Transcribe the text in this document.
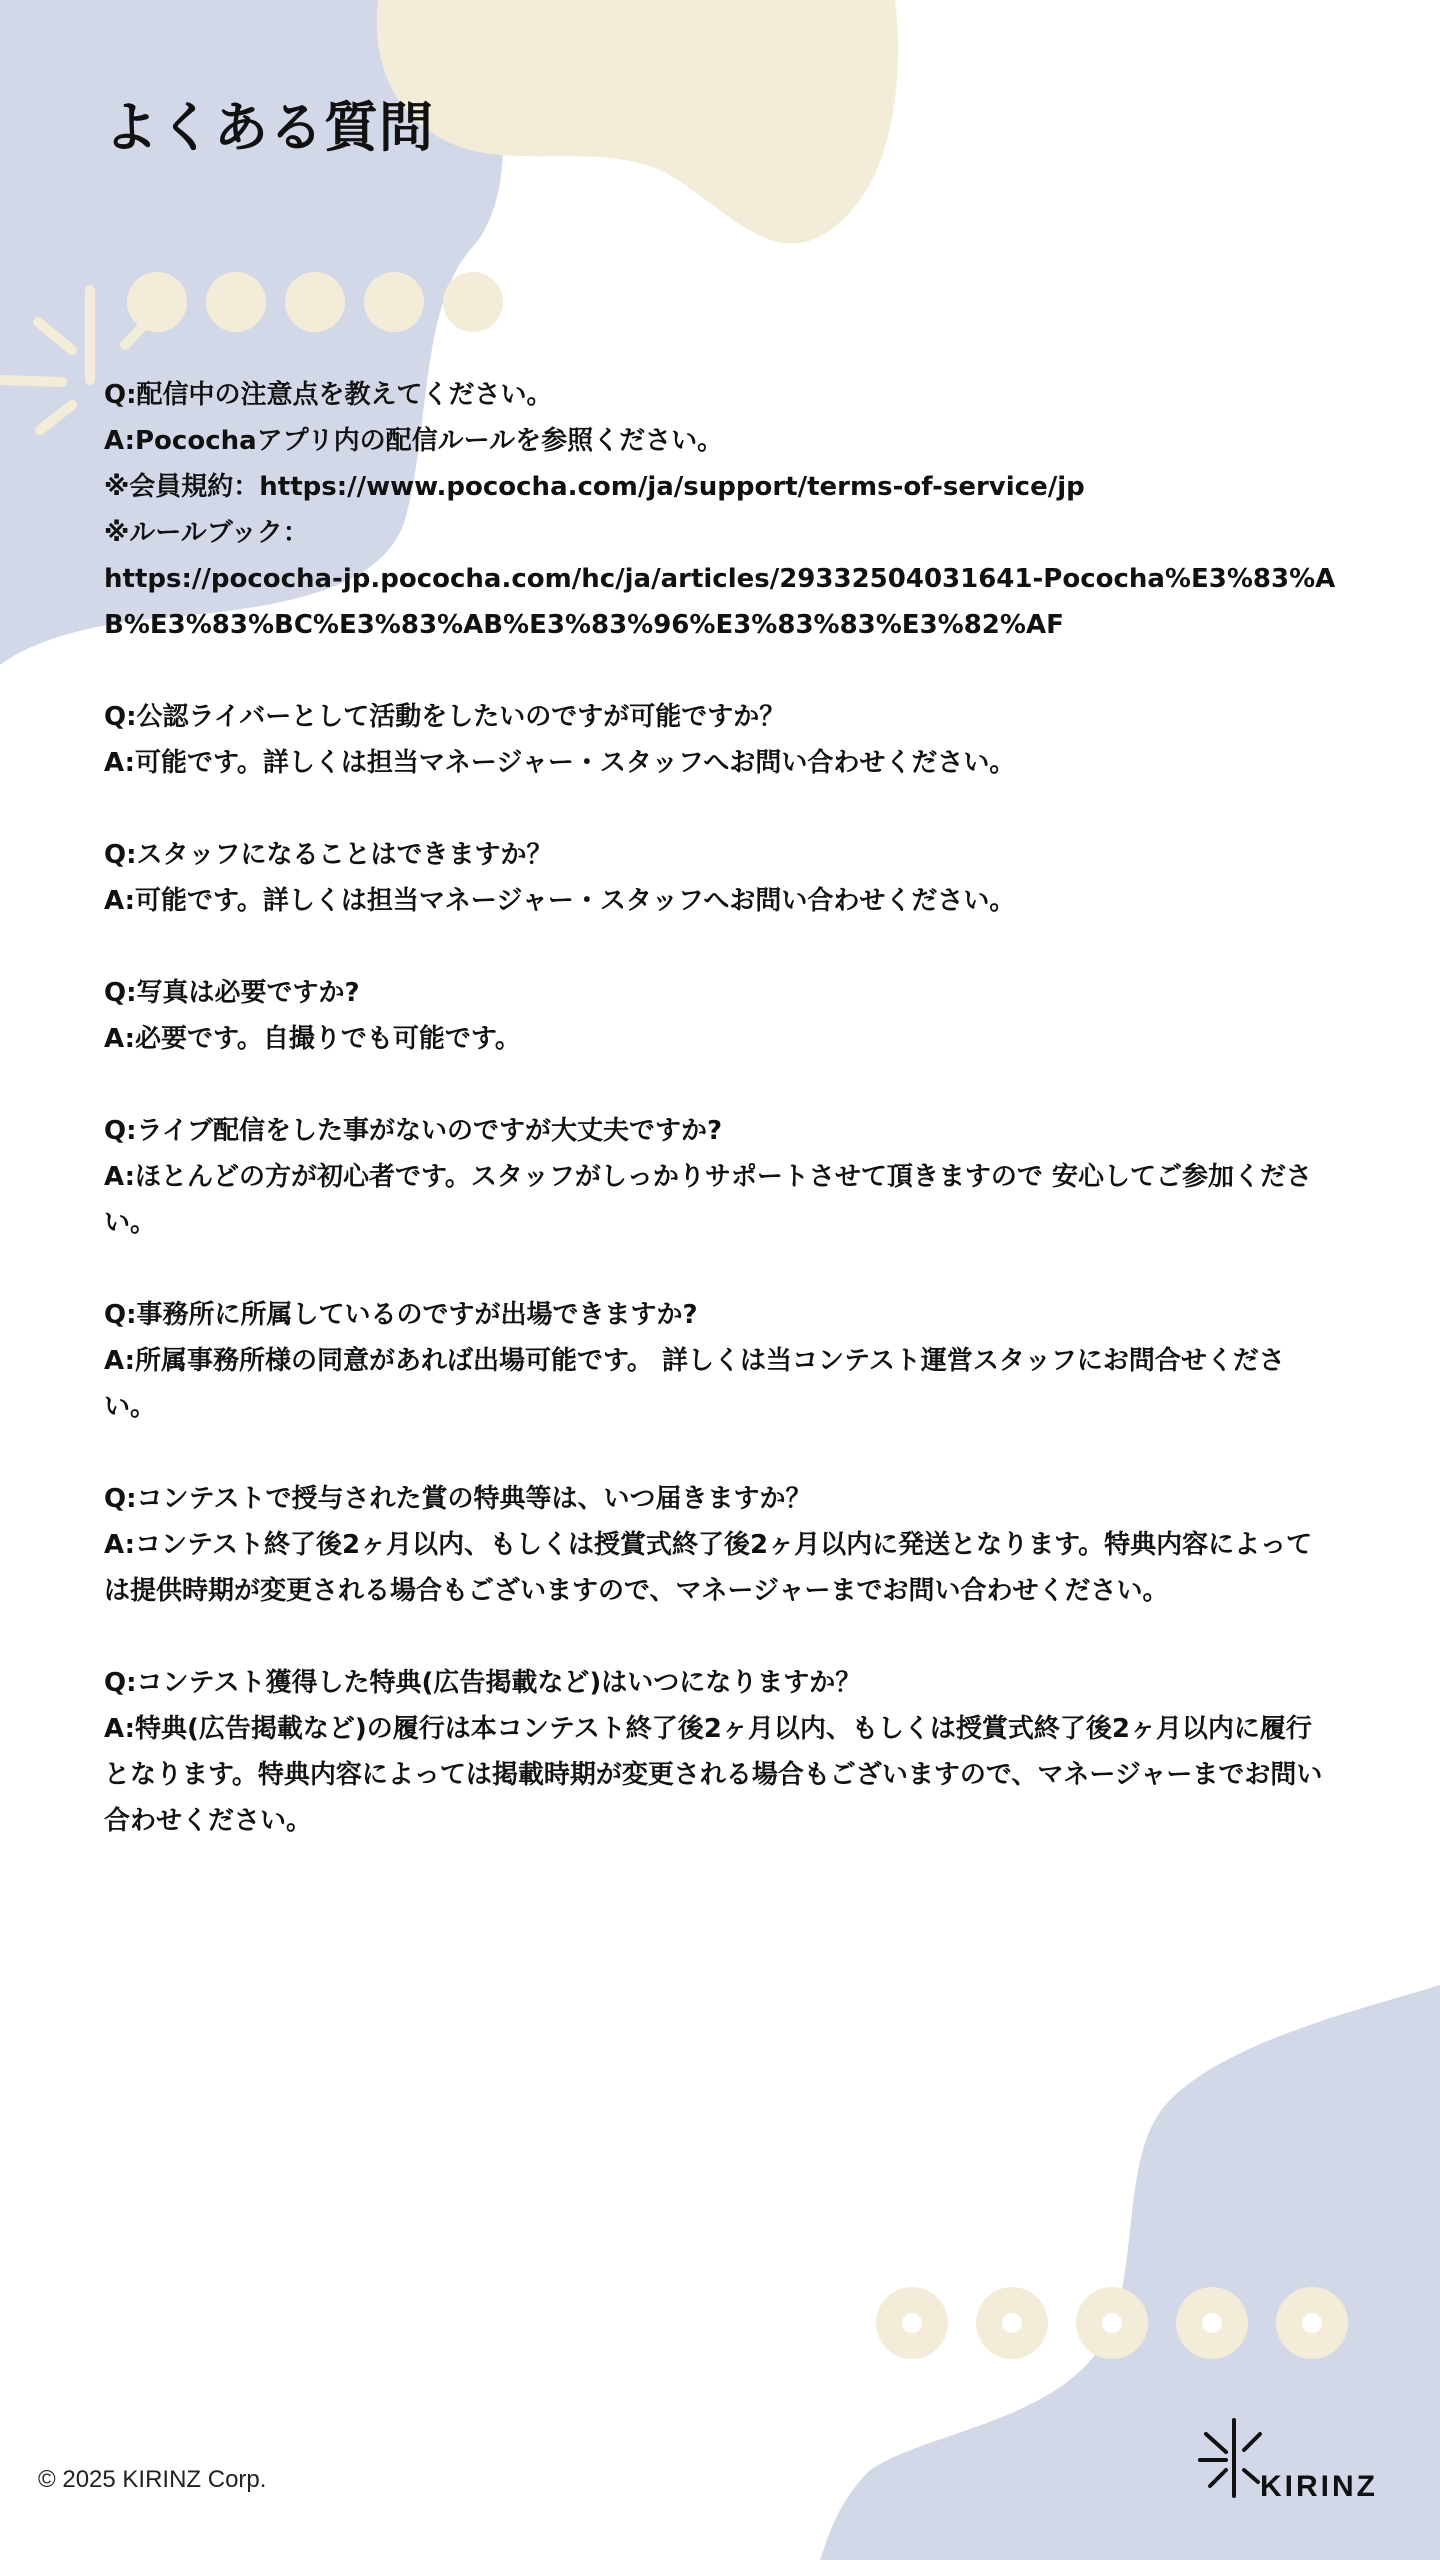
よくある質問
Q:配信中の注意点を教えてください。
A:Pocochaアプリ内の配信ルールを参照ください。
※会員規約：https://www.pococha.com/ja/support/terms-of-service/jp
※ルールブック：
https://pococha-jp.pococha.com/hc/ja/articles/29332504031641-Pococha%E3%83%AB%E3%83%BC%E3%83%AB%E3%83%96%E3%83%83%E3%82%AF
Q:公認ライバーとして活動をしたいのですが可能ですか？
A:可能です。詳しくは担当マネージャー・スタッフへお問い合わせください。
Q:スタッフになることはできますか？
A:可能です。詳しくは担当マネージャー・スタッフへお問い合わせください。
Q:写真は必要ですか?
A:必要です。自撮りでも可能です。
Q:ライブ配信をした事がないのですが大丈夫ですか?
A:ほとんどの方が初心者です。スタッフがしっかりサポートさせて頂きますので 安心してご参加ください。
Q:事務所に所属しているのですが出場できますか?
A:所属事務所様の同意があれば出場可能です。 詳しくは当コンテスト運営スタッフにお問合せください。
Q:コンテストで授与された賞の特典等は、いつ届きますか？
A:コンテスト終了後2ヶ月以内、もしくは授賞式終了後2ヶ月以内に発送となります。特典内容によっては提供時期が変更される場合もございますので、マネージャーまでお問い合わせください。
Q:コンテスト獲得した特典(広告掲載など)はいつになりますか？
A:特典(広告掲載など)の履行は本コンテスト終了後2ヶ月以内、もしくは授賞式終了後2ヶ月以内に履行となります。特典内容によっては掲載時期が変更される場合もございますので、マネージャーまでお問い合わせください。
© 2025 KIRINZ Corp.	KIRINZ
